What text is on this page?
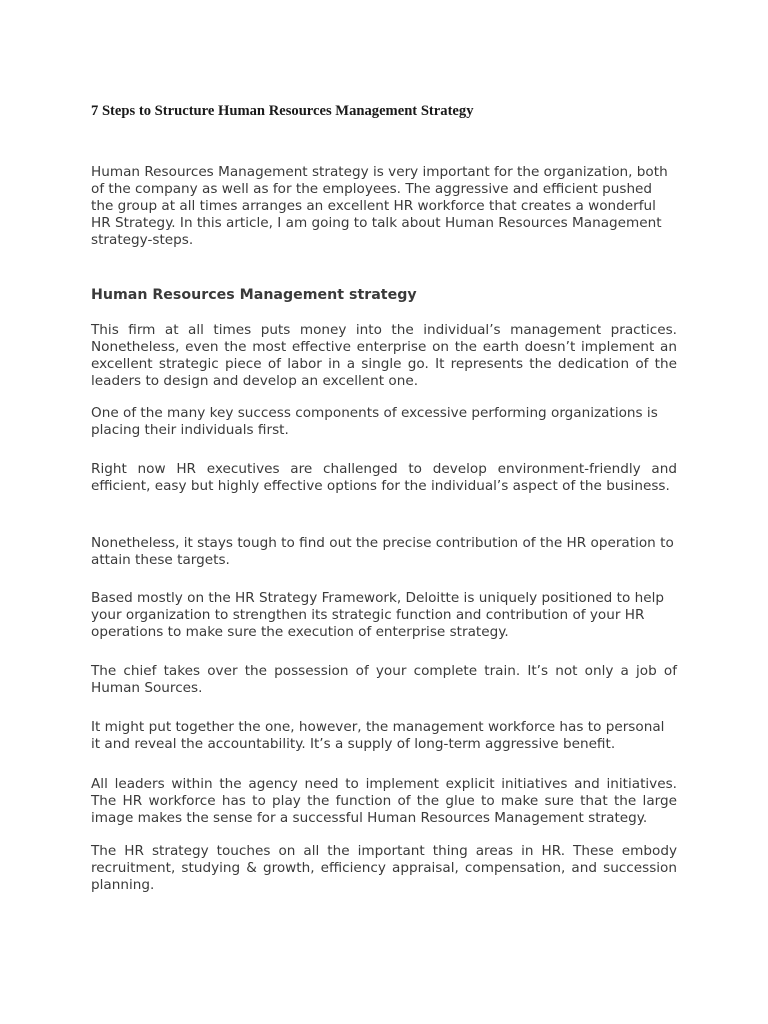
7 Steps to Structure Human Resources Management Strategy

Human Resources Management strategy is very important for the organization, both of the company as well as for the employees. The aggressive and efficient pushed the group at all times arranges an excellent HR workforce that creates a wonderful HR Strategy. In this article, I am going to talk about Human Resources Management strategy-steps.

Human Resources Management strategy

This firm at all times puts money into the individual’s management practices. Nonetheless, even the most effective enterprise on the earth doesn’t implement an excellent strategic piece of labor in a single go. It represents the dedication of the leaders to design and develop an excellent one.

One of the many key success components of excessive performing organizations is placing their individuals first.

Right now HR executives are challenged to develop environment-friendly and efficient, easy but highly effective options for the individual’s aspect of the business.

Nonetheless, it stays tough to find out the precise contribution of the HR operation to attain these targets.

Based mostly on the HR Strategy Framework, Deloitte is uniquely positioned to help your organization to strengthen its strategic function and contribution of your HR operations to make sure the execution of enterprise strategy.

The chief takes over the possession of your complete train. It’s not only a job of Human Sources.

It might put together the one, however, the management workforce has to personal it and reveal the accountability. It’s a supply of long-term aggressive benefit.

All leaders within the agency need to implement explicit initiatives and initiatives. The HR workforce has to play the function of the glue to make sure that the large image makes the sense for a successful Human Resources Management strategy.

The HR strategy touches on all the important thing areas in HR. These embody recruitment, studying & growth, efficiency appraisal, compensation, and succession planning.
